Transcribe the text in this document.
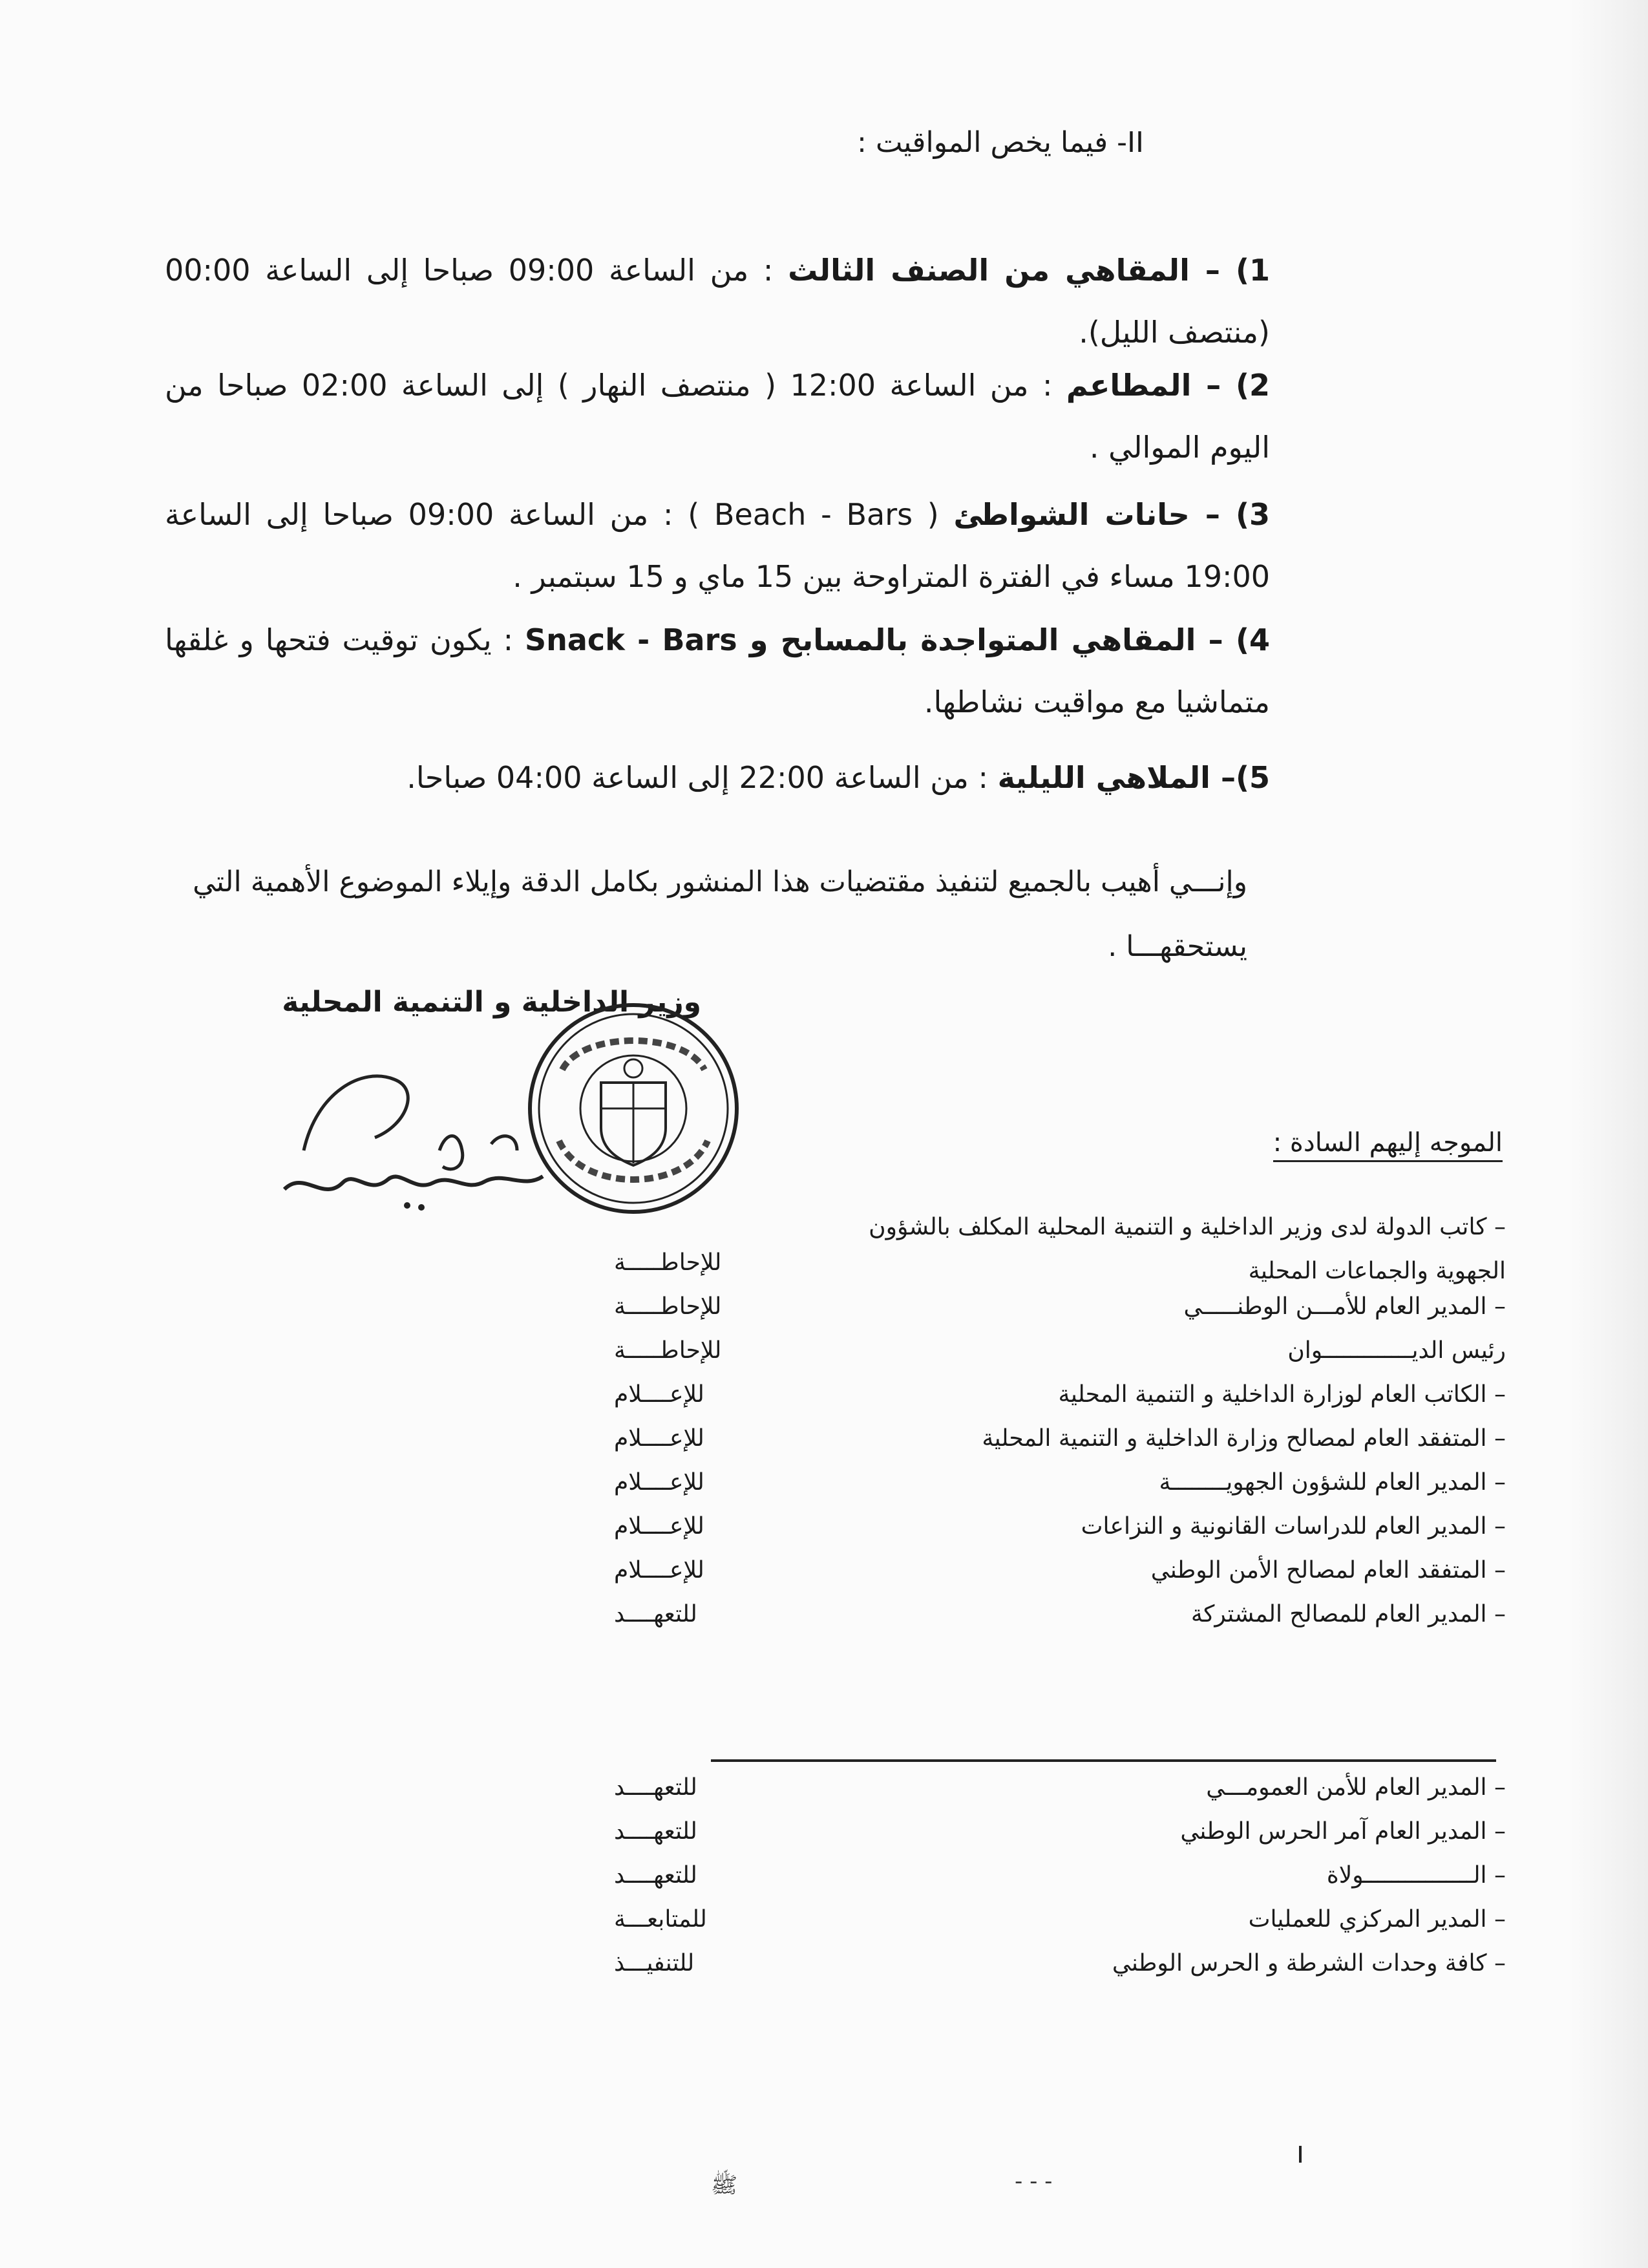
II- فيما يخص المواقيت :
1) – المقاهي من الصنف الثالث : من الساعة 09:00 صباحا إلى الساعة 00:00 (منتصف الليل).
2) – المطاعم : من الساعة 12:00 ( منتصف النهار ) إلى الساعة 02:00 صباحا من اليوم الموالي .
3) – حانات الشواطئ ( Beach - Bars ) : من الساعة 09:00 صباحا إلى الساعة 19:00 مساء في الفترة المتراوحة بين 15 ماي و 15 سبتمبر .
4) – المقاهي المتواجدة بالمسابح و Snack - Bars : يكون توقيت فتحها و غلقها متماشيا مع مواقيت نشاطها.
5)– الملاهي الليلية : من الساعة 22:00 إلى الساعة 04:00 صباحا.
وإنـــي أهيب بالجميع لتنفيذ مقتضيات هذا المنشور بكامل الدقة وإيلاء الموضوع الأهمية التي يستحقهـــا .
وزير الداخلية و التنمية المحلية
الموجه إليهم السادة :
– كاتب الدولة لدى وزير الداخلية و التنمية المحلية المكلف بالشؤون الجهوية والجماعات المحلية
للإحاطـــــة
– المدير العام للأمـــن الوطنـــــي
للإحاطـــــة
رئيس الديـــــــــــــوان
للإحاطـــــة
– الكاتب العام لوزارة الداخلية و التنمية المحلية
للإعــــلام
– المتفقد العام لمصالح وزارة الداخلية و التنمية المحلية
للإعــــلام
– المدير العام للشؤون الجهويــــــــة
للإعــــلام
– المدير العام للدراسات القانونية و النزاعات
للإعــــلام
– المتفقد العام لمصالح الأمن الوطني
للإعــــلام
– المدير العام للمصالح المشتركة
للتعهــــد
– المدير العام للأمن العمومـــي
للتعهــــد
– المدير العام آمر الحرس الوطني
للتعهــــد
– الــــــــــــــــولاة
للتعهــــد
– المدير المركزي للعمليات
للمتابعـــة
– كافة وحدات الشرطة و الحرس الوطني
للتنفيـــذ
ﷺ	- - -
